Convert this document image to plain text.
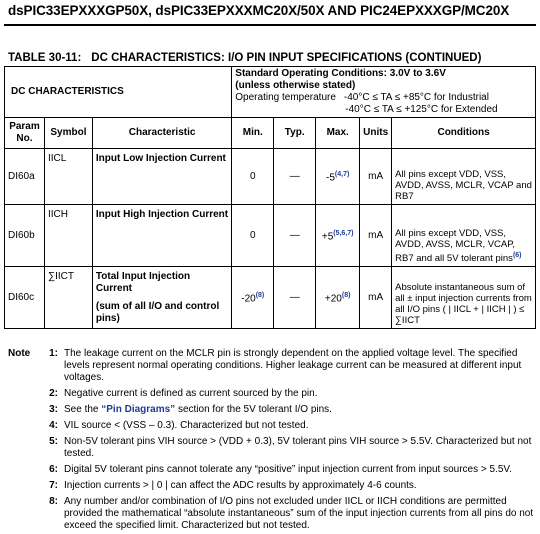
dsPIC33EPXXXGP50X, dsPIC33EPXXXMC20X/50X AND PIC24EPXXXGP/MC20X
TABLE 30-11: DC CHARACTERISTICS: I/O PIN INPUT SPECIFICATIONS (CONTINUED)
DC CHARACTERISTICS			Standard Operating Conditions: 3.0V to 3.6V
(unless otherwise stated)
Operating temperature -40°C ≤ TA ≤ +85°C for Industrial
-40°C ≤ TA ≤ +125°C for Extended				

Param No.	Symbol	Characteristic	Min.	Typ.	Max.	Units	Conditions
DI60a	IICL	Input Low Injection Current	0	—	-5$^{(4,7)}$	mA	All pins except VDD, VSS, AVDD, AVSS, MCLR, VCAP and RB7
DI60b	IICH	Input High Injection Current	0	—	$+5^{(5,6,7)}$	mA	All pins except VDD, VSS, AVDD, AVSS, MCLR, VCAP, RB7 and all 5V tolerant pins$^{(6)}$
DI60c	∑IICT	Total Input Injection Current
(sum of all I/O and control pins)	-20$^{(8)}$	—	$+20^{(8)}$	mA	Absolute instantaneous sum of all ± input injection currents from all I/O pins ( | IICL + | IICH | ) ≤ ∑IICT
Note	1: The leakage current on the MCLR pin is strongly dependent on the applied voltage level. The specified levels represent normal operating conditions. Higher leakage current can be measured at different input voltages.
2: Negative current is defined as current sourced by the pin.
3: See the “Pin Diagrams” section for the 5V tolerant I/O pins.
4: VIL source < (VSS – 0.3). Characterized but not tested.
5: Non-5V tolerant pins VIH source > (VDD + 0.3), 5V tolerant pins VIH source > 5.5V. Characterized but not tested.
6: Digital 5V tolerant pins cannot tolerate any “positive” input injection current from input sources > 5.5V.
7: Injection currents > | 0 | can affect the ADC results by approximately 4-6 counts.
8: Any number and/or combination of I/O pins not excluded under IICL or IICH conditions are permitted provided the mathematical “absolute instantaneous” sum of the input injection currents from all pins do not exceed the specified limit. Characterized but not tested.
